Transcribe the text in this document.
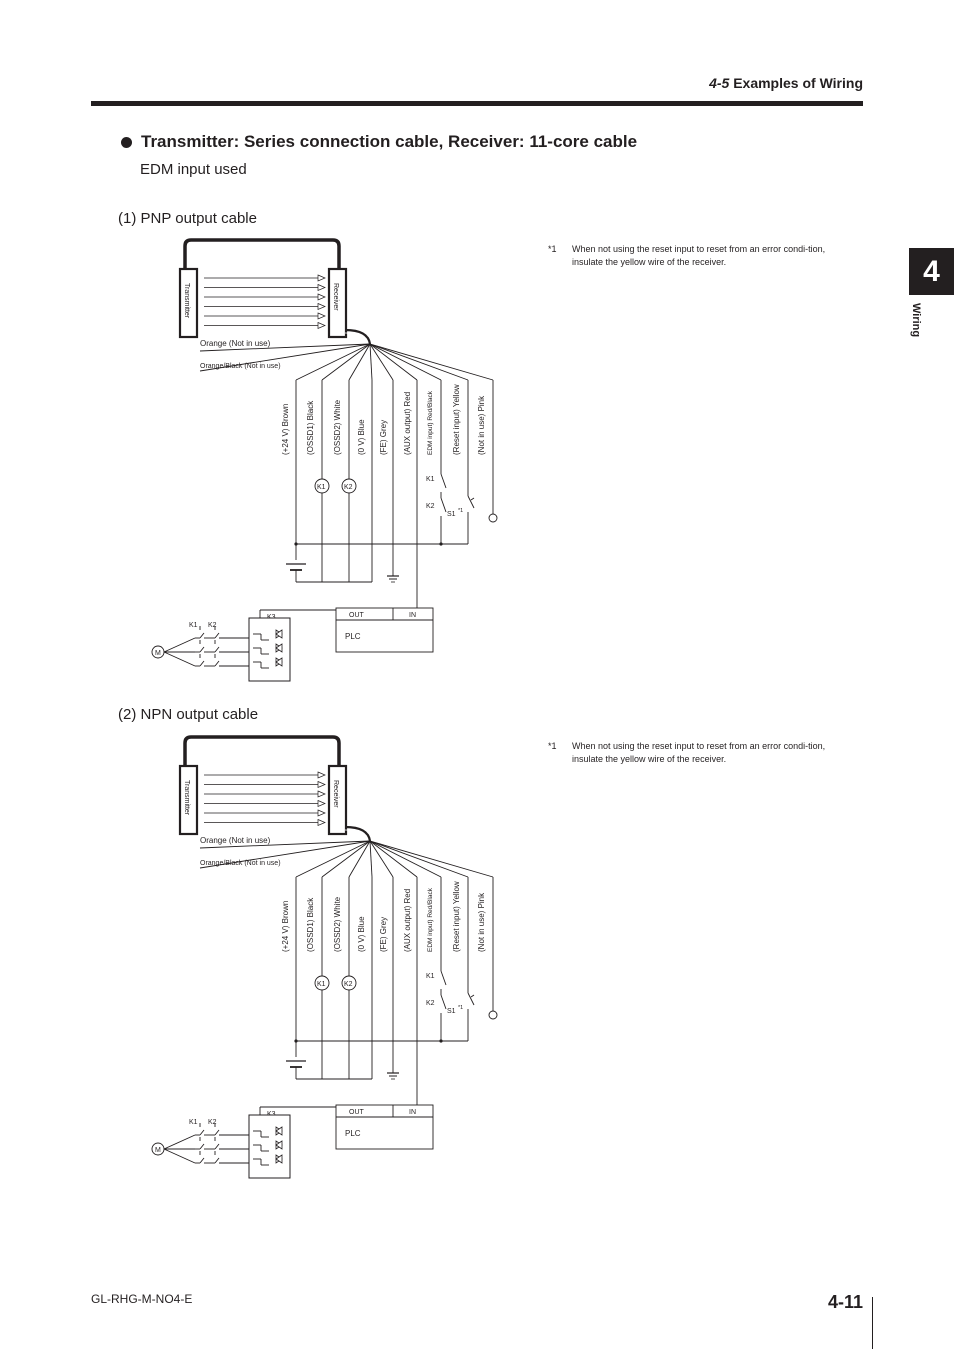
4-5 Examples of Wiring
4
Wiring
Transmitter: Series connection cable, Receiver: 11-core cable
EDM input used
(1) PNP output cable
*1 When not using the reset input to reset from an error condi-tion, insulate the yellow wire of the receiver.
Transmitter	Receiver
Orange (Not in use)
Orange/Black (Not in use)
(+24 V) Brown (OSSD1) Black (OSSD2) White (0 V) Blue (FE) Grey (AUX output) Red EDM input) Red/Black (Reset input) Yellow (Not in use) Pink
K1	K2
K1
K2
S1 *1
OUT	IN
PLC
K1 K2
M
(2) NPN output cable
*1 When not using the reset input to reset from an error condi-tion, insulate the yellow wire of the receiver.
Transmitter	Receiver
Orange (Not in use)
Orange/Black (Not in use)
(+24 V) Brown (OSSD1) Black (OSSD2) White (0 V) Blue (FE) Grey (AUX output) Red EDM input) Red/Black (Reset input) Yellow (Not in use) Pink
K1	K2
K1
K2
S1 *1
OUT	IN
PLC
K1 K2
M
GL-RHG-M-NO4-E	4-11
